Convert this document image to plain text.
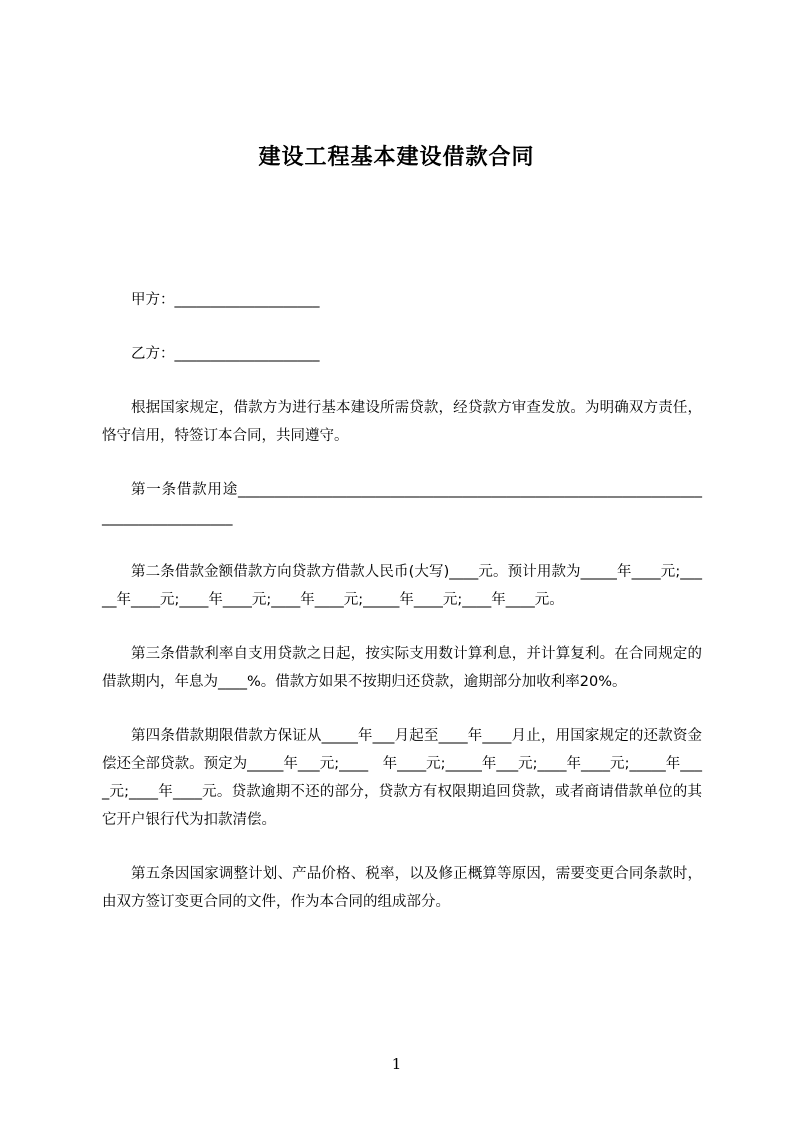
建设工程基本建设借款合同

甲方：____________________

乙方：____________________

根据国家规定，借款方为进行基本建设所需贷款，经贷款方审查发放。为明确双方责任，恪守信用，特签订本合同，共同遵守。

第一条借款用途__________________________________________________________________________________

第二条借款金额借款方向贷款方借款人民币(大写)____元。预计用款为_____年____元;_____年____元;____年____元;____年____元;_____年____元;____年____元。

第三条借款利率自支用贷款之日起，按实际支用数计算利息，并计算复利。在合同规定的借款期内，年息为____%。借款方如果不按期归还贷款，逾期部分加收利率20%。

第四条借款期限借款方保证从_____年___月起至____年____月止，用国家规定的还款资金偿还全部贷款。预定为_____年___元;____　年____元;_____年___元;____年____元;_____年____元;____年____元。贷款逾期不还的部分，贷款方有权限期追回贷款，或者商请借款单位的其它开户银行代为扣款清偿。

第五条因国家调整计划、产品价格、税率，以及修正概算等原因，需要变更合同条款时，由双方签订变更合同的文件，作为本合同的组成部分。

1
